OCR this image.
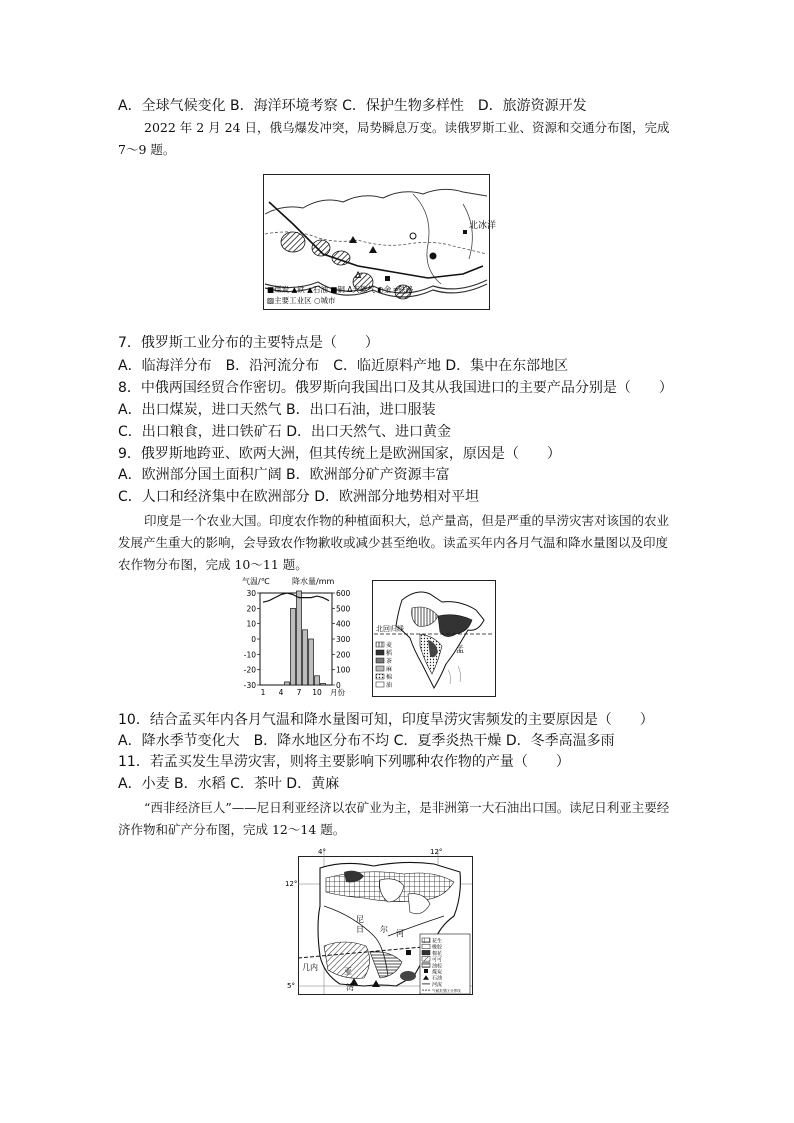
A．全球气候变化 B．海洋环境考察 C．保护生物多样性　D．旅游资源开发

2022 年 2 月 24 日，俄乌爆发冲突，局势瞬息万变。读俄罗斯工业、资源和交通分布图，完成 7～9 题。

北冰洋
Δ
■煤炭 ▲铁 ▲石油 ■铜 Δ天然气 ◐金 ═铁路
▨主要工业区 ○城市
7．俄罗斯工业分布的主要特点是（　　）
A．临海洋分布　B．沿河流分布　C．临近原料产地 D．集中在东部地区
8．中俄两国经贸合作密切。俄罗斯向我国出口及其从我国进口的主要产品分别是（　　）
A．出口煤炭，进口天然气 B．出口石油，进口服装
C．出口粮食，进口铁矿石 D．出口天然气、进口黄金
9．俄罗斯地跨亚、欧两大洲，但其传统上是欧洲国家，原因是（　　）
A．欧洲部分国土面积广阔 B．欧洲部分矿产资源丰富
C．人口和经济集中在欧洲部分 D．欧洲部分地势相对平坦

印度是一个农业大国。印度农作物的种植面积大，总产量高，但是严重的旱涝灾害对该国的农业发展产生重大的影响，会导致农作物歉收或减少甚至绝收。读孟买年内各月气温和降水量图以及印度农作物分布图，完成 10～11 题。

气温/℃	降水量/mm
30
20
10
0
-10
-20
-30
600
500
400
300
200
100
0
1 4 7 10 月份
北回归线
孟
麦
稻
茶
麻
棉
油
10．结合孟买年内各月气温和降水量图可知，印度旱涝灾害频发的主要原因是（　　）
A．降水季节变化大　B．降水地区分布不均 C．夏季炎热干燥 D．冬季高温多雨
11．若孟买发生旱涝灾害，则将主要影响下列哪种农作物的产量（　　）
A．小麦 B．水稻 C．茶叶 D．黄麻

“西非经济巨人”——尼日利亚经济以农矿业为主，是非洲第一大石油出口国。读尼日利亚主要经济作物和矿产分布图，完成 12～14 题。

4°	12°
12°
5°
尼
日 尔 河
几内	亚
湾
花生
橡胶
棉花
可可
油棕
煤炭
石油
河流
气候类型区分界线
